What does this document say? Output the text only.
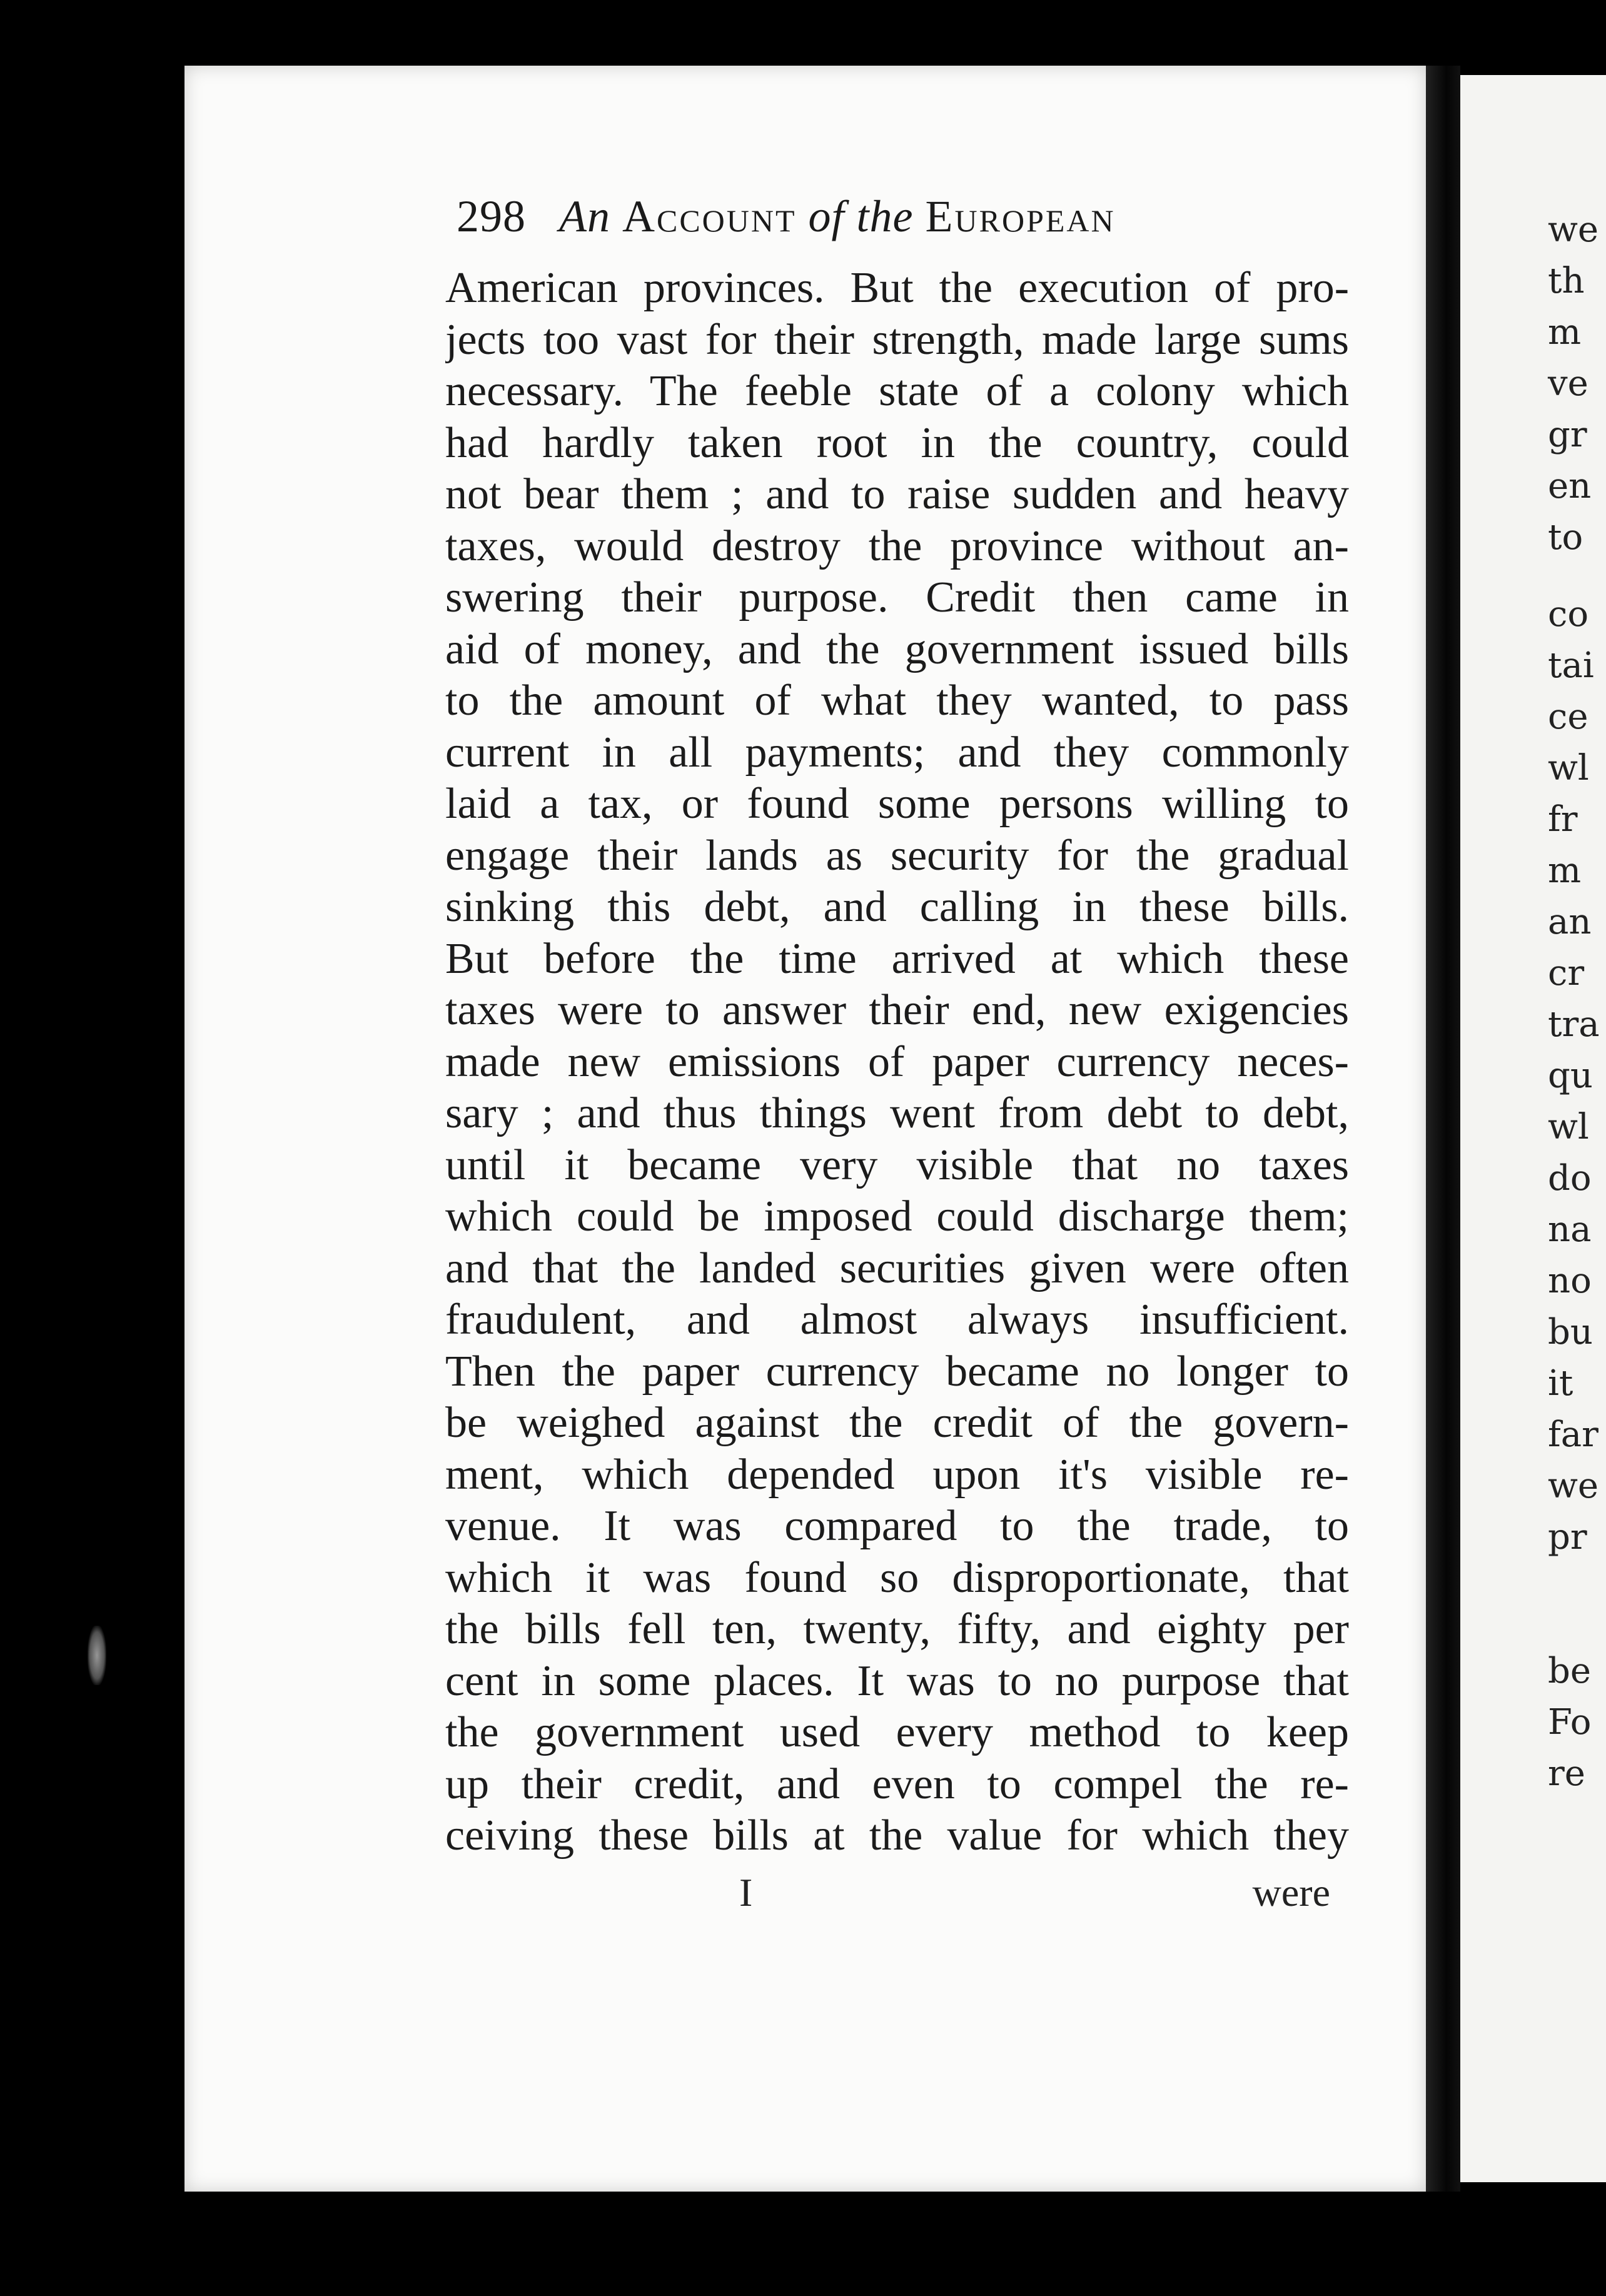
we
th
m
ve
gr
en
to
co
tai
ce
wl
fr
m
an
cr
tra
qu
wl
do
na
no
bu
it
far
we
pr
be
Fo
re
298 An Account of the European
American provinces. But the execution of pro-
jects too vast for their strength, made large sums
necessary. The feeble state of a colony which
had hardly taken root in the country, could
not bear them ; and to raise sudden and heavy
taxes, would destroy the province without an-
swering their purpose. Credit then came in
aid of money, and the government issued bills
to the amount of what they wanted, to pass
current in all payments; and they commonly
laid a tax, or found some persons willing to
engage their lands as security for the gradual
sinking this debt, and calling in these bills.
But before the time arrived at which these
taxes were to answer their end, new exigencies
made new emissions of paper currency neces-
sary ; and thus things went from debt to debt,
until it became very visible that no taxes
which could be imposed could discharge them;
and that the landed securities given were often
fraudulent, and almost always insufficient.
Then the paper currency became no longer to
be weighed against the credit of the govern-
ment, which depended upon it's visible re-
venue. It was compared to the trade, to
which it was found so disproportionate, that
the bills fell ten, twenty, fifty, and eighty per
cent in some places. It was to no purpose that
the government used every method to keep
up their credit, and even to compel the re-
ceiving these bills at the value for which they
I	were
